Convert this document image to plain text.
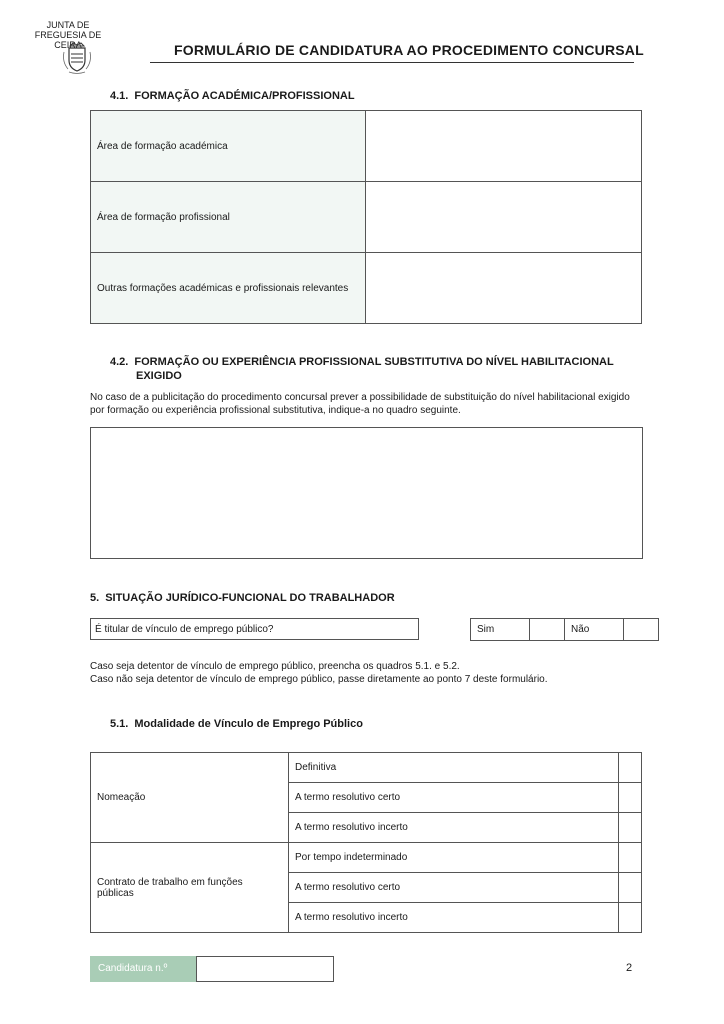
JUNTA DE FREGUESIA DE
CEIRA	FORMULÁRIO DE CANDIDATURA AO PROCEDIMENTO CONCURSAL
4.1. FORMAÇÃO ACADÉMICA/PROFISSIONAL
Área de formação académica	
Área de formação profissional	
Outras formações académicas e profissionais relevantes	
4.2. FORMAÇÃO OU EXPERIÊNCIA PROFISSIONAL SUBSTITUTIVA DO NÍVEL HABILITACIONAL EXIGIDO
No caso de a publicitação do procedimento concursal prever a possibilidade de substituição do nível habilitacional exigido por formação ou experiência profissional substitutiva, indique-a no quadro seguinte.
5. SITUAÇÃO JURÍDICO-FUNCIONAL DO TRABALHADOR
É titular de vínculo de emprego público?	Sim		Não	
Caso seja detentor de vínculo de emprego público, preencha os quadros 5.1. e 5.2.
Caso não seja detentor de vínculo de emprego público, passe diretamente ao ponto 7 deste formulário.
5.1. Modalidade de Vínculo de Emprego Público
Nomeação	Definitiva	
	A termo resolutivo certo	
	A termo resolutivo incerto	
Contrato de trabalho em funções públicas	Por tempo indeterminado	
	A termo resolutivo certo	
	A termo resolutivo incerto	
Candidatura n.º	2
